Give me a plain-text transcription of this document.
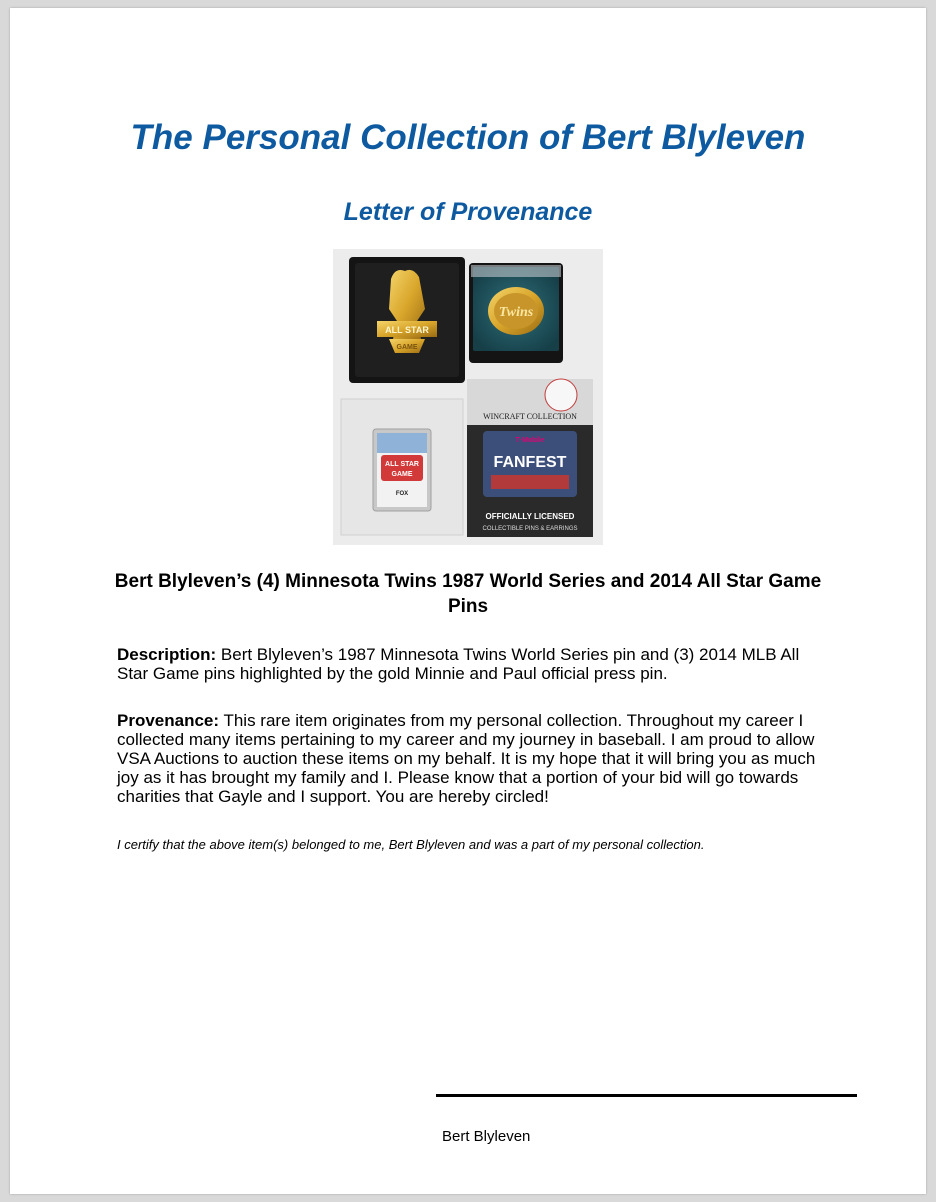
The Personal Collection of Bert Blyleven
Letter of Provenance
ALL STAR
GAME
Twins
ALL STAR
GAME
FOX
WINCRAFT COLLECTION
T·Mobile
FANFEST
OFFICIALLY LICENSED
COLLECTIBLE PINS & EARRINGS
Bert Blyleven’s (4) Minnesota Twins 1987 World Series and 2014 All Star Game Pins

Description: Bert Blyleven’s 1987 Minnesota Twins World Series pin and (3) 2014 MLB All Star Game pins highlighted by the gold Minnie and Paul official press pin.

Provenance: This rare item originates from my personal collection. Throughout my career I collected many items pertaining to my career and my journey in baseball. I am proud to allow VSA Auctions to auction these items on my behalf. It is my hope that it will bring you as much joy as it has brought my family and I. Please know that a portion of your bid will go towards charities that Gayle and I support. You are hereby circled!

I certify that the above item(s) belonged to me, Bert Blyleven and was a part of my personal collection.

Bert Blyleven
